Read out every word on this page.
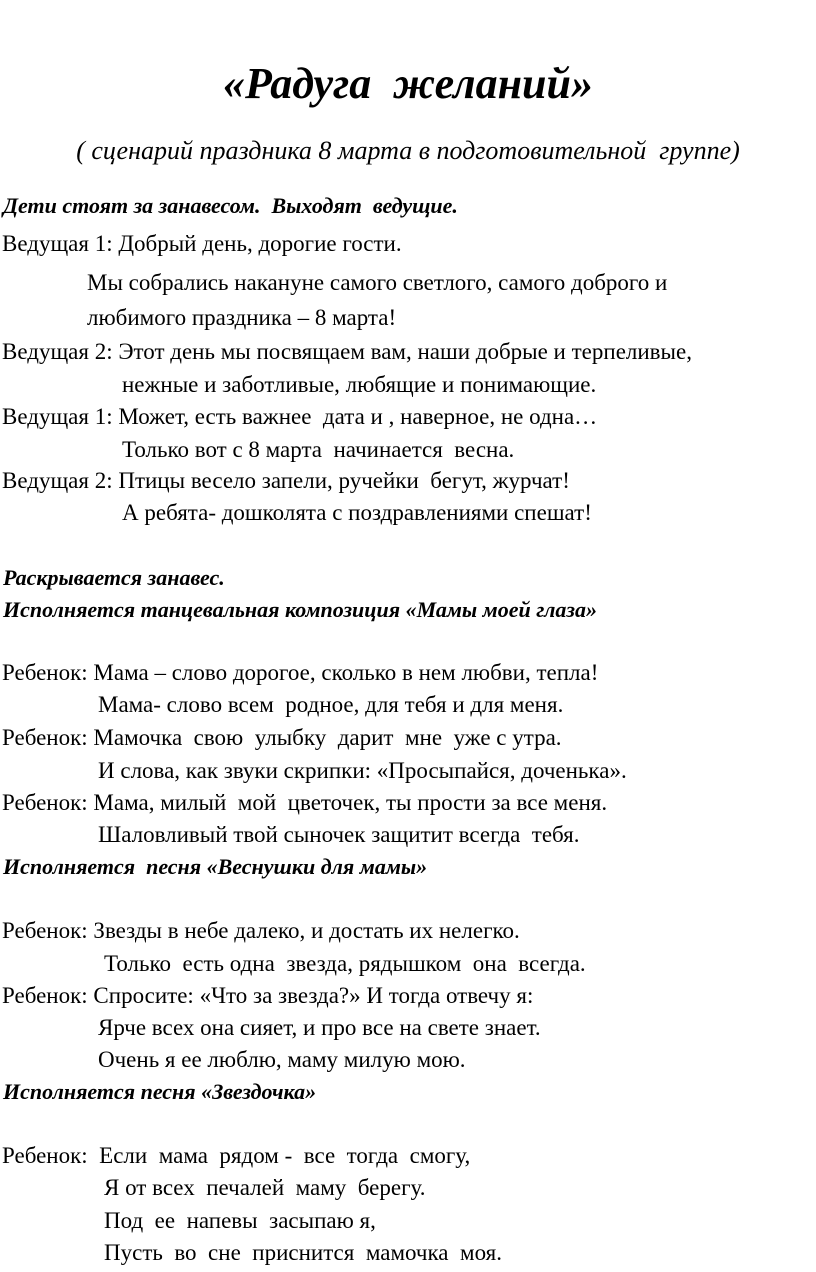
«Радуга  желаний»
( сценарий праздника 8 марта в подготовительной  группе)
Дети стоят за занавесом.  Выходят  ведущие.
Ведущая 1: Добрый день, дорогие гости.
Мы собрались накануне самого светлого, самого доброго и
любимого праздника – 8 марта!
Ведущая 2: Этот день мы посвящаем вам, наши добрые и терпеливые,
нежные и заботливые, любящие и понимающие.
Ведущая 1: Может, есть важнее  дата и , наверное, не одна…
Только вот с 8 марта  начинается  весна.
Ведущая 2: Птицы весело запели, ручейки  бегут, журчат!
А ребята- дошколята с поздравлениями спешат!
Раскрывается занавес.
Исполняется танцевальная композиция «Мамы моей глаза»
Ребенок: Мама – слово дорогое, сколько в нем любви, тепла!
Мама- слово всем  родное, для тебя и для меня.
Ребенок: Мамочка  свою  улыбку  дарит  мне  уже с утра.
И слова, как звуки скрипки: «Просыпайся, доченька».
Ребенок: Мама, милый  мой  цветочек, ты прости за все меня.
Шаловливый твой сыночек защитит всегда  тебя.
Исполняется  песня «Веснушки для мамы»
Ребенок: Звезды в небе далеко, и достать их нелегко.
Только  есть одна  звезда, рядышком  она  всегда.
Ребенок: Спросите: «Что за звезда?» И тогда отвечу я:
Ярче всех она сияет, и про все на свете знает.
Очень я ее люблю, маму милую мою.
Исполняется песня «Звездочка»
Ребенок:  Если  мама  рядом -  все  тогда  смогу,
Я от всех  печалей  маму  берегу.
Под  ее  напевы  засыпаю я,
Пусть  во  сне  приснится  мамочка  моя.
